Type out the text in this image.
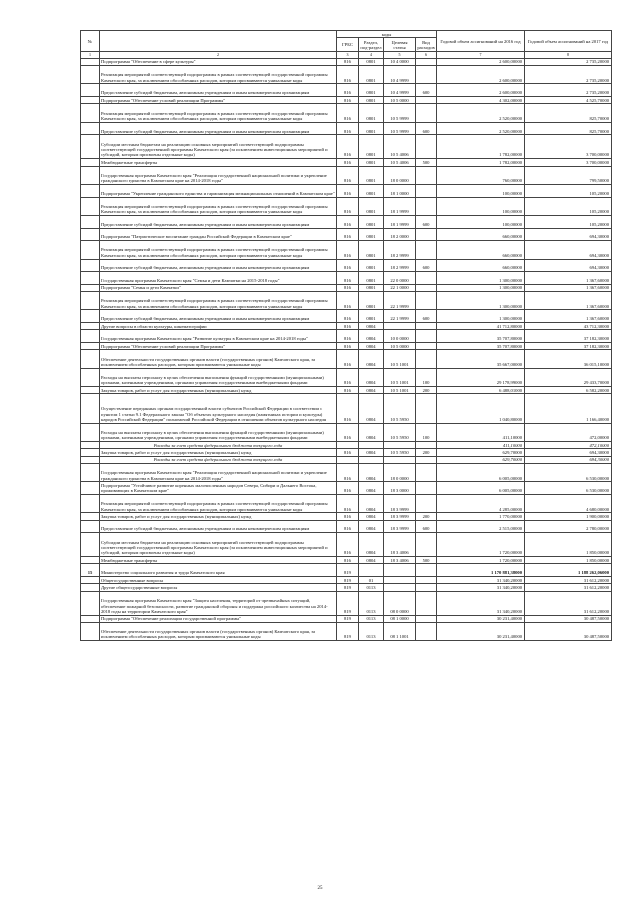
№		коды				Годовой объем ассигнований на 2016 год	Годовой объем ассигнований на 2017 год
		ГРБС	Раздел, под-раздел	Целевая статья	Вид расходов		
1	2	3	4	5	6	7	8
	Подпрограмма "Обеспечение в сфере культуры"	816	0801	10 4 0000		2 600,00000	2 735,20000
	Реализация мероприятий соответствующей подпрограммы в рамках соответствующей государственной программы Камчатского края, за исключением обособленных расходов, которым присваиваются уникальные коды	816	0801	10 4 9999		2 600,00000	2 735,20000
	Предоставление субсидий бюджетным, автономным учреждениям и иным некоммерческим организациям	816	0801	10 4 9999	600	2 600,00000	2 735,20000
	Подпрограмма "Обеспечение условий реализации Программы"	816	0801	10 5 0000		4 302,00000	4 525,70000
	Реализация мероприятий соответствующей подпрограммы в рамках соответствующей государственной программы Камчатского края, за исключением обособленных расходов, которым присваиваются уникальные коды	816	0801	10 5 9999		2 520,00000	825,70000
	Предоставление субсидий бюджетным, автономным учреждениям и иным некоммерческим организациям	816	0801	10 5 9999	600	2 520,00000	825,70000
	Субсидии местным бюджетам на реализацию основных мероприятий соответствующей подпрограммы соответствующей государственной программы Камчатского края (за исключением инвестиционных мероприятий и субсидий, которым присвоены отдельные коды)	816	0801	10 5 4006		1 782,00000	3 700,00000
	Межбюджетные трансферты	816	0801	10 5 4006	500	1 782,00000	3 700,00000
	Государственная программа Камчатского края "Реализация государственной национальной политики и укрепление гражданского единства в Камчатском крае на 2014-2018 годы"	816	0801	18 0 0000		760,00000	799,50000
	Подпрограмма "Укрепление гражданского единства и гармонизация межнациональных отношений в Камчатском крае"	816	0801	18 1 0000		100,00000	105,20000
	Реализация мероприятий соответствующей подпрограммы в рамках соответствующей государственной программы Камчатского края, за исключением обособленных расходов, которым присваиваются уникальные коды	816	0801	18 1 9999		100,00000	105,20000
	Предоставление субсидий бюджетным, автономным учреждениям и иным некоммерческим организациям	816	0801	18 1 9999	600	100,00000	105,20000
	Подпрограмма "Патриотическое воспитание граждан Российской Федерации в Камчатском крае"	816	0801	18 2 0000		660,00000	694,30000
	Реализация мероприятий соответствующей подпрограммы в рамках соответствующей государственной программы Камчатского края, за исключением обособленных расходов, которым присваиваются уникальные коды	816	0801	18 2 9999		660,00000	694,30000
	Предоставление субсидий бюджетным, автономным учреждениям и иным некоммерческим организациям	816	0801	18 2 9999	600	660,00000	694,30000
	Государственная программа Камчатского края "Семья и дети Камчатки на 2015-2018 годы"	816	0801	22 0 0000		1 300,00000	1 367,60000
	Подпрограмма "Семья и дети Камчатки"	816	0801	22 1 0000		1 300,00000	1 367,60000
	Реализация мероприятий соответствующей подпрограммы в рамках соответствующей государственной программы Камчатского края, за исключением обособленных расходов, которым присваиваются уникальные коды	816	0801	22 1 9999		1 300,00000	1 367,60000
	Предоставление субсидий бюджетным, автономным учреждениям и иным некоммерческим организациям	816	0801	22 1 9999	600	1 300,00000	1 367,60000
	Другие вопросы в области культуры, кинематографии	816	0804			41 712,80000	43 712,30000
	Государственная программа Камчатского края "Развитие культуры в Камчатском крае на 2014-2018 годы"	816	0804	10 0 0000		35 707,80000	37 182,30000
	Подпрограмма "Обеспечение условий реализации Программы"	816	0804	10 5 0000		35 707,80000	37 182,30000
	Обеспечение деятельности государственных органов власти (государственных органов) Камчатского края, за исключением обособленных расходов, которым присваиваются уникальные коды	816	0804	10 5 1001		35 667,00000	36 015,10000
	Расходы на выплаты персоналу в целях обеспечения выполнения функций государственными (муниципальными) органами, казенными учреждениями, органами управления государственными внебюджетными фондами	816	0804	10 5 1001	100	29 178,99000	29 433,70000
	Закупка товаров, работ и услуг для государственных (муниципальных) нужд	816	0804	10 5 1001	200	6 488,01000	6 582,20000
	Осуществление переданных органам государственной власти субъектов Российской Федерации в соответствии с пунктом 1 статьи 9.1 Федерального закона "Об объектах культурного наследия (памятниках истории и культуры) народов Российской Федерации" полномочий Российской Федерации в отношении объектов культурного наследия	816	0804	10 5 5950		1 040,80000	1 166,40000
	Расходы на выплаты персоналу в целях обеспечения выполнения функций государственными (муниципальными) органами, казенными учреждениями, органами управления государственными внебюджетными фондами	816	0804	10 5 5950	100	411,10000	472,00000
	Расходы за счет средств федерального бюджета текущего года					411,10000	472,10000
	Закупка товаров, работ и услуг для государственных (муниципальных) нужд	816	0804	10 5 5950	200	629,70000	694,30000
	Расходы за счет средств федерального бюджета текущего года					629,70000	694,30000
	Государственная программа Камчатского края "Реализация государственной национальной политики и укрепление гражданского единства в Камчатском крае на 2014-2018 годы"	816	0804	18 0 0000		6 005,00000	6 530,00000
	Подпрограмма "Устойчивое развитие коренных малочисленных народов Севера, Сибири и Дальнего Востока, проживающих в Камчатском крае"	816	0804	18 3 0000		6 005,00000	6 530,00000
	Реализация мероприятий соответствующей подпрограммы в рамках соответствующей государственной программы Камчатского края, за исключением обособленных расходов, которым присваиваются уникальные коды	816	0804	18 3 9999		4 285,00000	4 680,00000
	Закупка товаров, работ и услуг для государственных (муниципальных) нужд	816	0804	18 3 9999	200	1 770,00000	1 900,00000
	Предоставление субсидий бюджетным, автономным учреждениям и иным некоммерческим организациям	816	0804	18 3 9999	600	2 515,00000	2 780,00000
	Субсидии местным бюджетам на реализацию основных мероприятий соответствующей подпрограммы соответствующей государственной программы Камчатского края (за исключением инвестиционных мероприятий и субсидий, которым присвоены отдельные коды)	816	0804	18 3 4006		1 720,00000	1 850,00000
	Межбюджетные трансферты	816	0804	18 3 4006	500	1 720,00000	1 850,00000
15	Министерство социального развития и труда Камчатского края	819				1 170 881,38000	1 188 262,06000
	Общегосударственные вопросы	819	01			31 340,20000	31 612,20000
	Другие общегосударственные вопросы	819	0113			31 340,20000	31 612,20000
	Государственная программа Камчатского края "Защита населения, территорий от чрезвычайных ситуаций, обеспечение пожарной безопасности, развитие гражданской обороны и поддержка российского казачества на 2014-2018 годы на территории Камчатского края"	819	0113	08 0 0000		31 340,20000	31 612,20000
	Подпрограмма "Обеспечение реализации государственной программы"	819	0113	08 1 0000		30 231,40000	30 487,50000
	Обеспечение деятельности государственных органов власти (государственных органов) Камчатского края, за исключением обособленных расходов, которым присваиваются уникальные коды	819	0113	08 1 1001		30 231,40000	30 487,50000
25
